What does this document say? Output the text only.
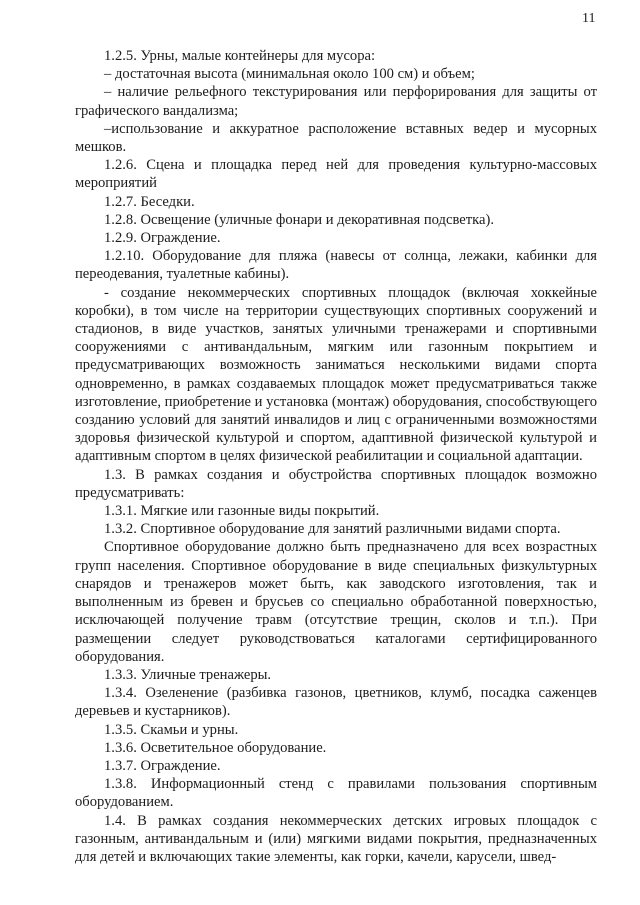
11

1.2.5. Урны, малые контейнеры для мусора:

– достаточная высота (минимальная около 100 см) и объем;

– наличие рельефного текстурирования или перфорирования для защиты от графического вандализма;

–использование и аккуратное расположение вставных ведер и мусорных мешков.

1.2.6. Сцена и площадка перед ней для проведения культурно-массовых мероприятий

1.2.7. Беседки.

1.2.8. Освещение (уличные фонари и декоративная подсветка).

1.2.9. Ограждение.

1.2.10. Оборудование для пляжа (навесы от солнца, лежаки, кабинки для переодевания, туалетные кабины).

- создание некоммерческих спортивных площадок (включая хоккейные коробки), в том числе на территории существующих спортивных сооружений и стадионов, в виде участков, занятых уличными тренажерами и спортивными сооружениями с антивандальным, мягким или газонным покрытием и предусматривающих возможность заниматься несколькими видами спорта одновременно, в рамках создаваемых площадок может предусматриваться также изготовление, приобретение и установка (монтаж) оборудования, способствующего созданию условий для занятий инвалидов и лиц с ограниченными возможностями здоровья физической культурой и спортом, адаптивной физической культурой и адаптивным спортом в целях физической реабилитации и социальной адаптации.

1.3. В рамках создания и обустройства спортивных площадок возможно предусматривать:

1.3.1. Мягкие или газонные виды покрытий.

1.3.2. Спортивное оборудование для занятий различными видами спорта.

Спортивное оборудование должно быть предназначено для всех возрастных групп населения. Спортивное оборудование в виде специальных физкультурных снарядов и тренажеров может быть, как заводского изготовления, так и выполненным из бревен и брусьев со специально обработанной поверхностью, исключающей получение травм (отсутствие трещин, сколов и т.п.). При размещении следует руководствоваться каталогами сертифицированного оборудования.

1.3.3. Уличные тренажеры.

1.3.4. Озеленение (разбивка газонов, цветников, клумб, посадка саженцев деревьев и кустарников).

1.3.5. Скамьи и урны.

1.3.6. Осветительное оборудование.

1.3.7. Ограждение.

1.3.8. Информационный стенд с правилами пользования спортивным оборудованием.

1.4. В рамках создания некоммерческих детских игровых площадок с газонным, антивандальным и (или) мягкими видами покрытия, предназначенных для детей и включающих такие элементы, как горки, качели, карусели, швед-
